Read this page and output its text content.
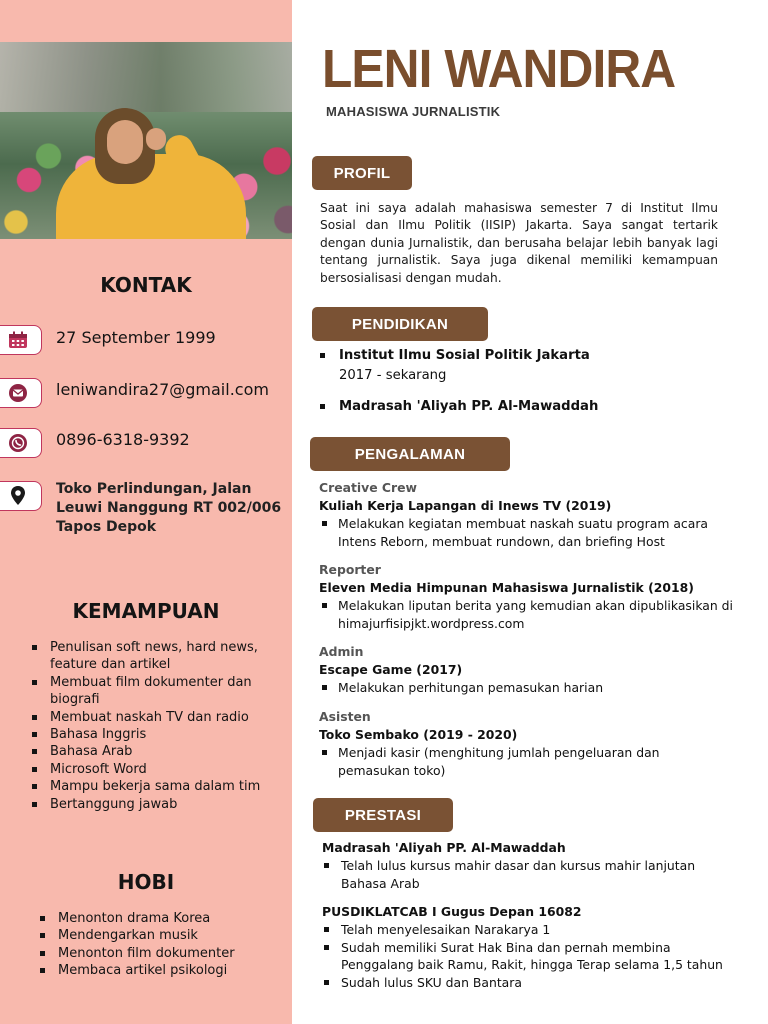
KONTAK
27 September 1999
leniwandira27@gmail.com
0896-6318-9392
Toko Perlindungan, Jalan Leuwi Nanggung RT 002/006 Tapos Depok
KEMAMPUAN
Penulisan soft news, hard news, feature dan artikel
Membuat film dokumenter dan biografi
Membuat naskah TV dan radio
Bahasa Inggris
Bahasa Arab
Microsoft Word
Mampu bekerja sama dalam tim
Bertanggung jawab
HOBI
Menonton drama Korea
Mendengarkan musik
Menonton film dokumenter
Membaca artikel psikologi
LENI WANDIRA
MAHASISWA JURNALISTIK
PROFIL
Saat ini saya adalah mahasiswa semester 7 di Institut Ilmu Sosial dan Ilmu Politik (IISIP) Jakarta. Saya sangat tertarik dengan dunia Jurnalistik, dan berusaha belajar lebih banyak lagi tentang jurnalistik. Saya juga dikenal memiliki kemampuan bersosialisasi dengan mudah.
PENDIDIKAN
Institut Ilmu Sosial Politik Jakarta
2017 - sekarang
Madrasah 'Aliyah PP. Al-Mawaddah
PENGALAMAN
Creative Crew
Kuliah Kerja Lapangan di Inews TV (2019)
Melakukan kegiatan membuat naskah suatu program acara Intens Reborn, membuat rundown, dan briefing Host
Reporter
Eleven Media Himpunan Mahasiswa Jurnalistik (2018)
Melakukan liputan berita yang kemudian akan dipublikasikan di himajurfisipjkt.wordpress.com
Admin
Escape Game (2017)
Melakukan perhitungan pemasukan harian
Asisten
Toko Sembako (2019 - 2020)
Menjadi kasir (menghitung jumlah pengeluaran dan pemasukan toko)
PRESTASI
Madrasah 'Aliyah PP. Al-Mawaddah
Telah lulus kursus mahir dasar dan kursus mahir lanjutan Bahasa Arab
PUSDIKLATCAB I Gugus Depan 16082
Telah menyelesaikan Narakarya 1
Sudah memiliki Surat Hak Bina dan pernah membina Penggalang baik Ramu, Rakit, hingga Terap selama 1,5 tahun
Sudah lulus SKU dan Bantara
